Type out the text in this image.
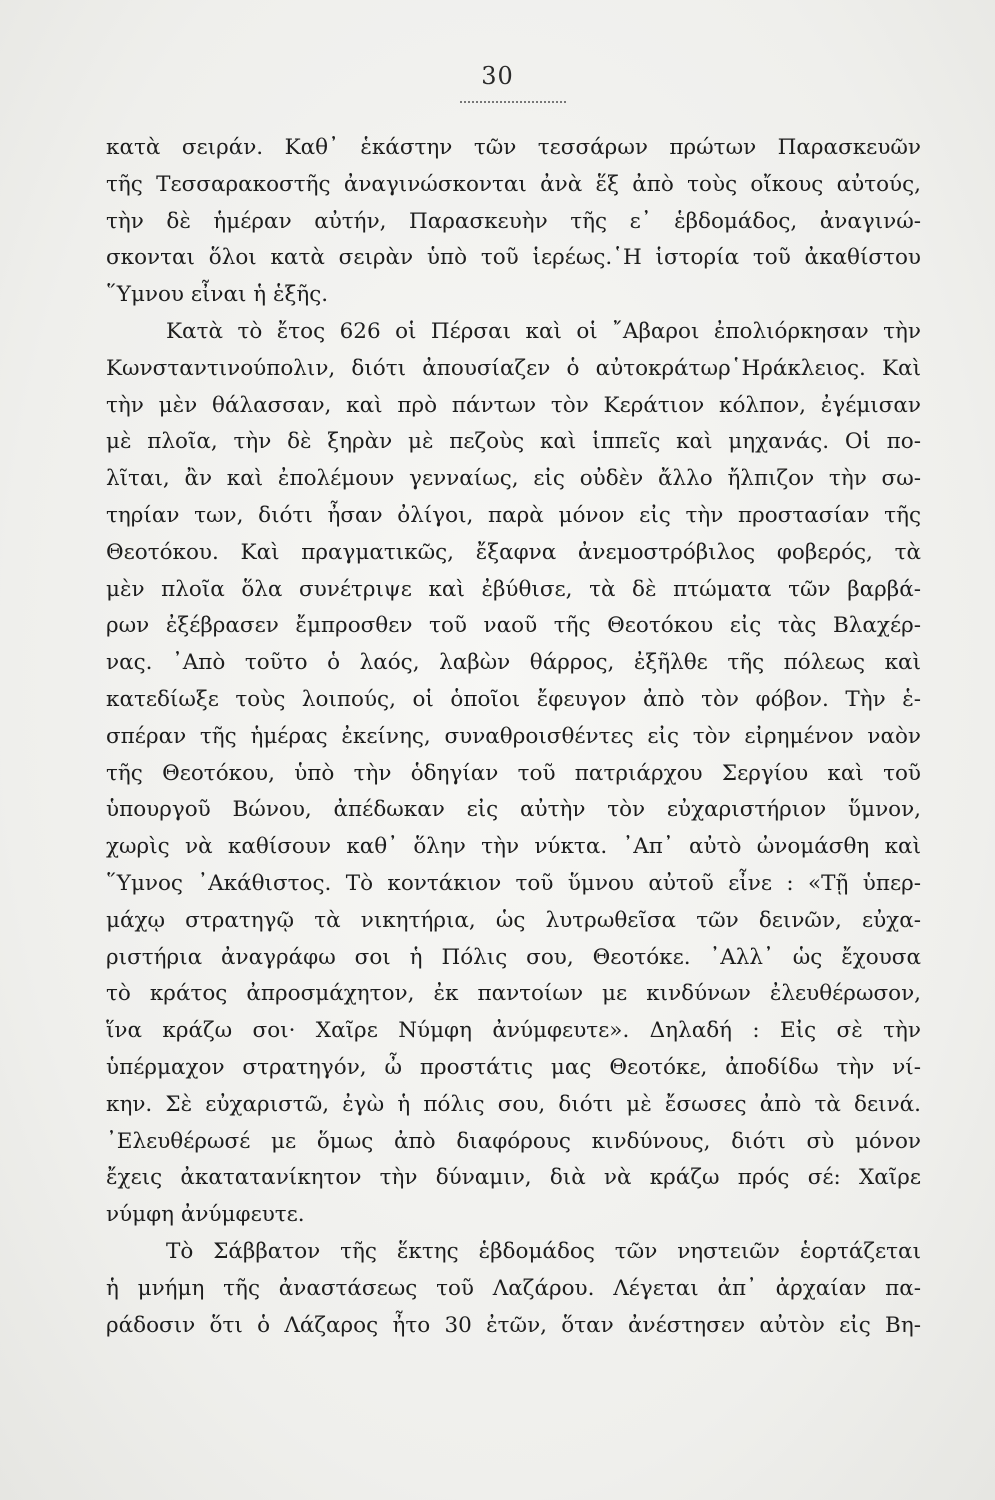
30

κατὰ σειράν. Καθ᾽ ἑκάστην τῶν τεσσάρων πρώτων Παρασκευῶν
τῆς Τεσσαρακοστῆς ἀναγινώσκονται ἀνὰ ἕξ ἀπὸ τοὺς οἴκους αὐτούς,
τὴν δὲ ἡμέραν αὐτήν, Παρασκευὴν τῆς ε᾽ ἑβδομάδος, ἀναγινώ-
σκονται ὅλοι κατὰ σειρὰν ὑπὸ τοῦ ἱερέως.῾Η ἱστορία τοῦ ἀκαθίστου
῞Υμνου εἶναι ἡ ἑξῆς.

Κατὰ τὸ ἔτος 626 οἱ Πέρσαι καὶ οἱ ῎Αβαροι ἐπολιόρκησαν τὴν
Κωνσταντινούπολιν, διότι ἀπουσίαζεν ὁ αὐτοκράτωρ῾Ηράκλειος. Καὶ
τὴν μὲν θάλασσαν, καὶ πρὸ πάντων τὸν Κεράτιον κόλπον, ἐγέμισαν
μὲ πλοῖα, τὴν δὲ ξηρὰν μὲ πεζοὺς καὶ ἱππεῖς καὶ μηχανάς. Οἱ πο-
λῖται, ἂν καὶ ἐπολέμουν γενναίως, εἰς οὐδὲν ἄλλο ἤλπιζον τὴν σω-
τηρίαν των, διότι ἦσαν ὀλίγοι, παρὰ μόνον εἰς τὴν προστασίαν τῆς
Θεοτόκου. Καὶ πραγματικῶς, ἔξαφνα ἀνεμοστρόβιλος φοβερός, τὰ
μὲν πλοῖα ὅλα συνέτριψε καὶ ἐβύθισε, τὰ δὲ πτώματα τῶν βαρβά-
ρων ἐξέβρασεν ἔμπροσθεν τοῦ ναοῦ τῆς Θεοτόκου εἰς τὰς Βλαχέρ-
νας. ᾽Απὸ τοῦτο ὁ λαός, λαβὼν θάρρος, ἐξῆλθε τῆς πόλεως καὶ
κατεδίωξε τοὺς λοιπούς, οἱ ὁποῖοι ἔφευγον ἀπὸ τὸν φόβον. Τὴν ἑ-
σπέραν τῆς ἡμέρας ἐκείνης, συναθροισθέντες εἰς τὸν εἰρημένον ναὸν
τῆς Θεοτόκου, ὑπὸ τὴν ὁδηγίαν τοῦ πατριάρχου Σεργίου καὶ τοῦ
ὑπουργοῦ Βώνου, ἀπέδωκαν εἰς αὐτὴν τὸν εὐχαριστήριον ὕμνον,
χωρὶς νὰ καθίσουν καθ᾽ ὅλην τὴν νύκτα. ᾽Απ᾽ αὐτὸ ὠνομάσθη καὶ
῞Υμνος ᾽Ακάθιστος. Τὸ κοντάκιον τοῦ ὕμνου αὐτοῦ εἶνε : «Τῇ ὑπερ-
μάχῳ στρατηγῷ τὰ νικητήρια, ὡς λυτρωθεῖσα τῶν δεινῶν, εὐχα-
ριστήρια ἀναγράφω σοι ἡ Πόλις σου, Θεοτόκε. ᾽Αλλ᾽ ὡς ἔχουσα
τὸ κράτος ἀπροσμάχητον, ἐκ παντοίων με κινδύνων ἐλευθέρωσον,
ἵνα κράζω σοι· Χαῖρε Νύμφη ἀνύμφευτε». Δηλαδή : Εἰς σὲ τὴν
ὑπέρμαχον στρατηγόν, ὦ προστάτις μας Θεοτόκε, ἀποδίδω τὴν νί-
κην. Σὲ εὐχαριστῶ, ἐγὼ ἡ πόλις σου, διότι μὲ ἔσωσες ἀπὸ τὰ δεινά.
᾽Ελευθέρωσέ με ὅμως ἀπὸ διαφόρους κινδύνους, διότι σὺ μόνον
ἔχεις ἀκατατανίκητον τὴν δύναμιν, διὰ νὰ κράζω πρός σέ: Χαῖρε
νύμφη ἀνύμφευτε.

Τὸ Σάββατον τῆς ἕκτης ἑβδομάδος τῶν νηστειῶν ἑορτάζεται
ἡ μνήμη τῆς ἀναστάσεως τοῦ Λαζάρου. Λέγεται ἀπ᾽ ἀρχαίαν πα-
ράδοσιν ὅτι ὁ Λάζαρος ἦτο 30 ἐτῶν, ὅταν ἀνέστησεν αὐτὸν εἰς Βη-
